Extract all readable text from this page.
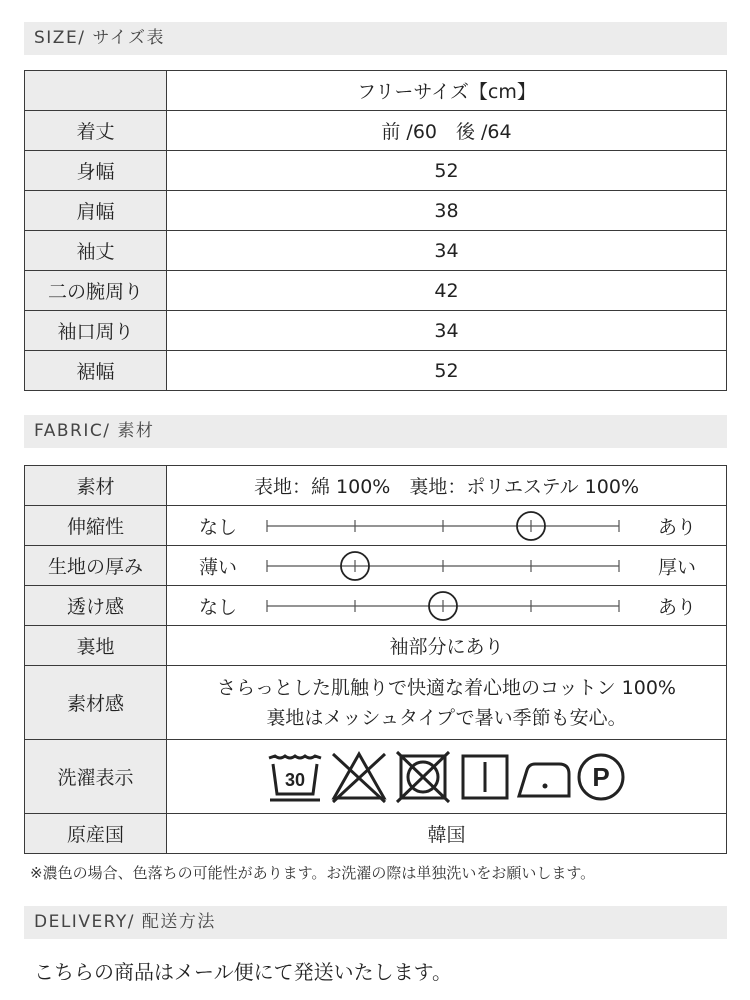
SIZE/ サイズ表
	フリーサイズ【cm】
着丈	前 /60　後 /64
身幅	52
肩幅	38
袖丈	34
二の腕周り	42
袖口周り	34
裾幅	52
FABRIC/ 素材
素材	表地：綿 100%　裏地：ポリエステル 100%
伸縮性	なし あり

生地の厚み	薄い 厚い

透け感	なし あり

裏地	袖部分にあり
素材感	さらっとした肌触りで快適な着心地のコットン 100%
裏地はメッシュタイプで暑い季節も安心。

洗濯表示	30 P

原産国	韓国
※濃色の場合、色落ちの可能性があります。お洗濯の際は単独洗いをお願いします。
DELIVERY/ 配送方法
こちらの商品はメール便にて発送いたします。
